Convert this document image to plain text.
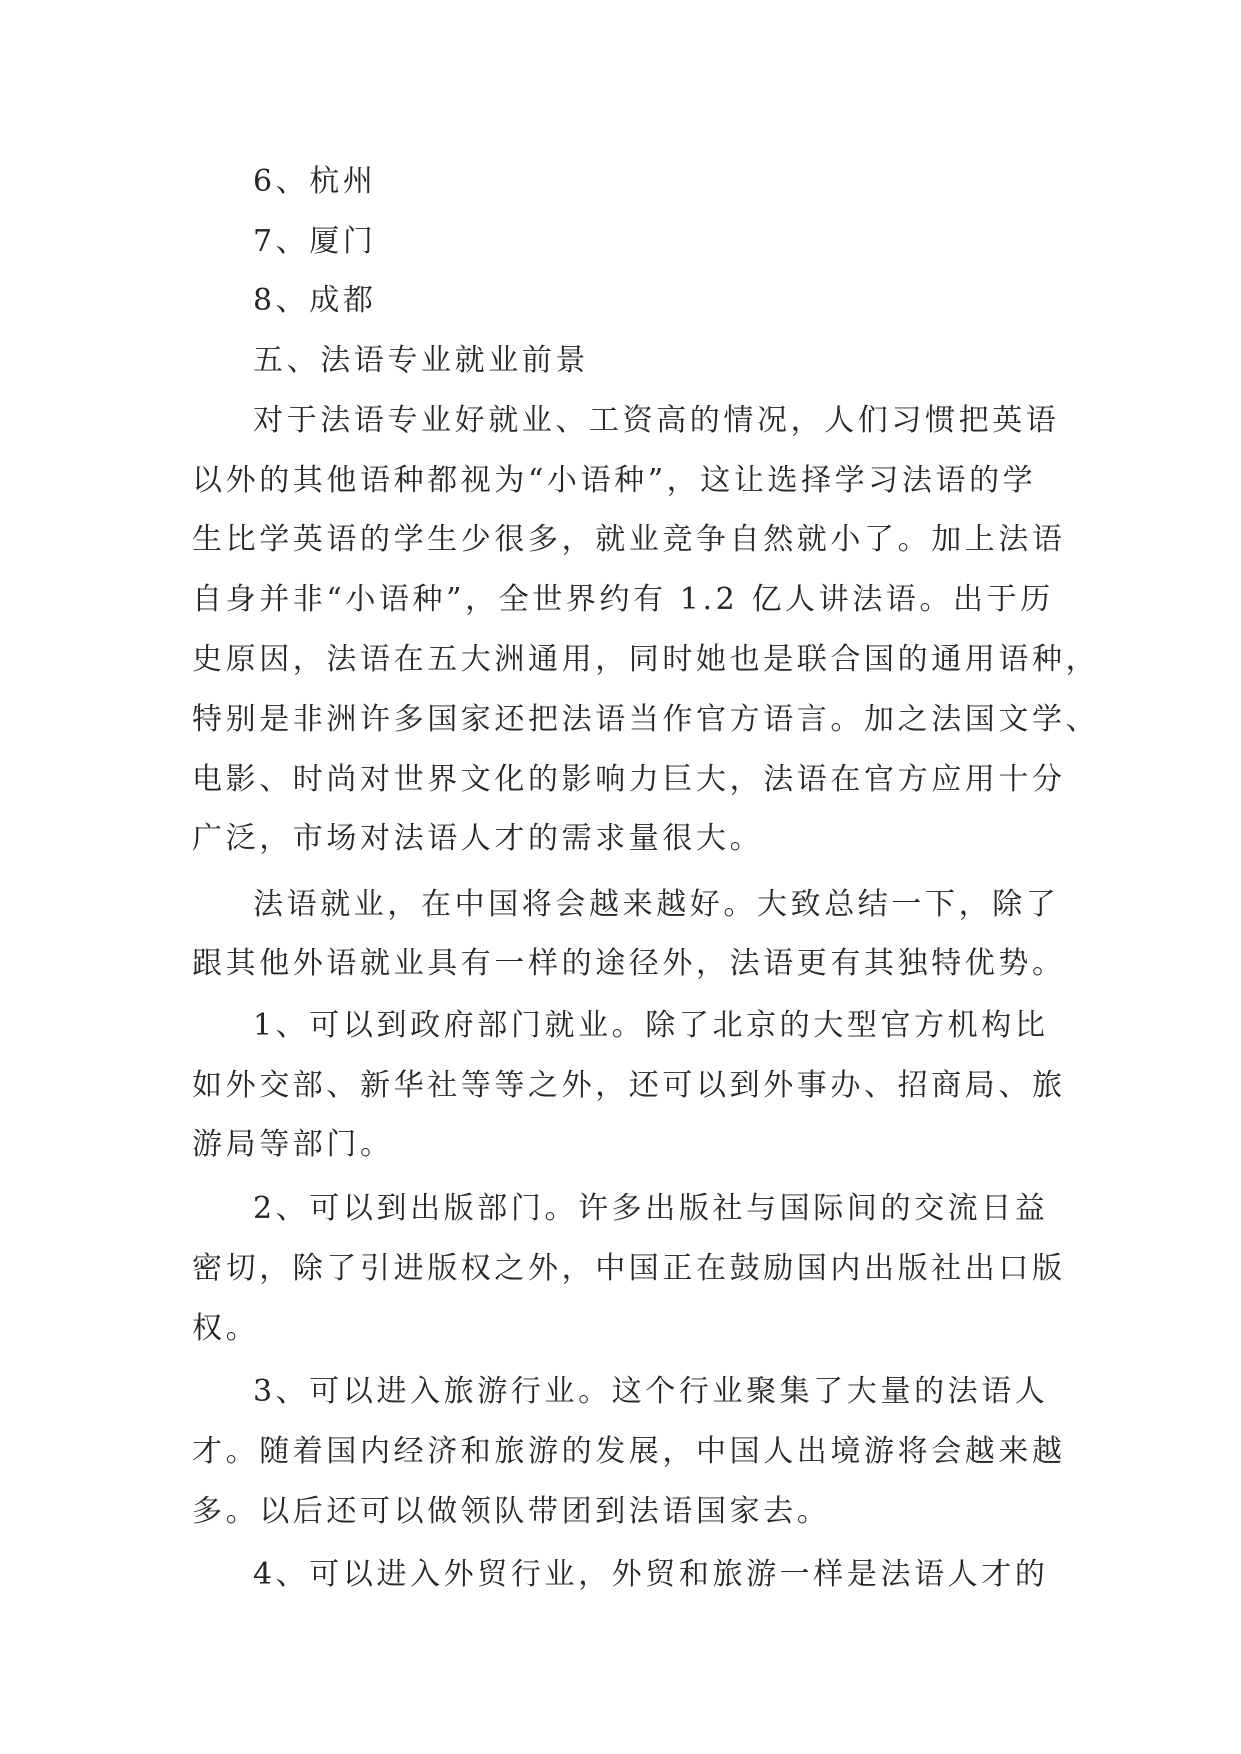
6、杭州
7、厦门
8、成都
五、法语专业就业前景
对于法语专业好就业、工资高的情况，人们习惯把英语
以外的其他语种都视为“小语种”，这让选择学习法语的学
生比学英语的学生少很多，就业竞争自然就小了。加上法语
自身并非“小语种”，全世界约有 1.2 亿人讲法语。出于历
史原因，法语在五大洲通用，同时她也是联合国的通用语种，
特别是非洲许多国家还把法语当作官方语言。加之法国文学、
电影、时尚对世界文化的影响力巨大，法语在官方应用十分
广泛，市场对法语人才的需求量很大。
法语就业，在中国将会越来越好。大致总结一下，除了
跟其他外语就业具有一样的途径外，法语更有其独特优势。
1、可以到政府部门就业。除了北京的大型官方机构比
如外交部、新华社等等之外，还可以到外事办、招商局、旅
游局等部门。
2、可以到出版部门。许多出版社与国际间的交流日益
密切，除了引进版权之外，中国正在鼓励国内出版社出口版
权。
3、可以进入旅游行业。这个行业聚集了大量的法语人
才。随着国内经济和旅游的发展，中国人出境游将会越来越
多。以后还可以做领队带团到法语国家去。
4、可以进入外贸行业，外贸和旅游一样是法语人才的
